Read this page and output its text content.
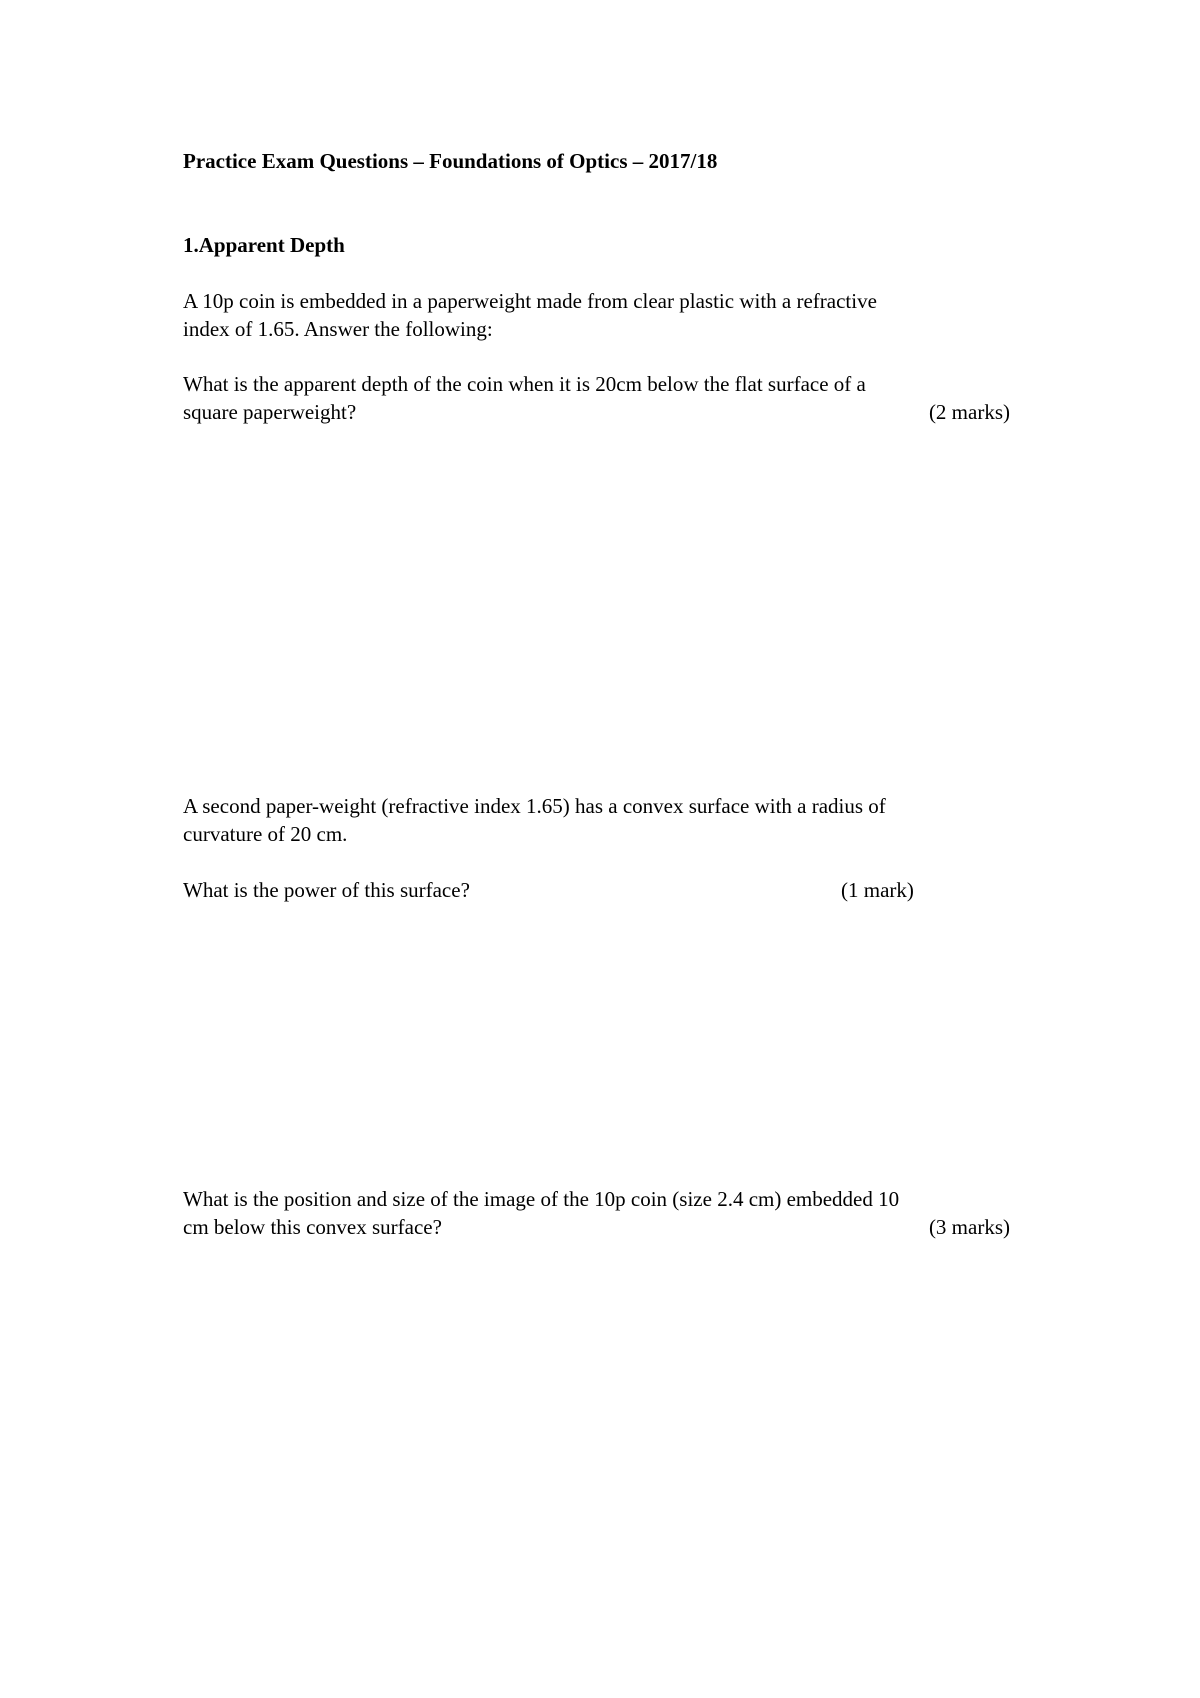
Practice Exam Questions – Foundations of Optics – 2017/18
1.Apparent Depth
A 10p coin is embedded in a paperweight made from clear plastic with a refractive
index of 1.65. Answer the following:
What is the apparent depth of the coin when it is 20cm below the flat surface of a
square paperweight?	(2 marks)
A second paper-weight (refractive index 1.65) has a convex surface with a radius of
curvature of 20 cm.
What is the power of this surface?	(1 mark)
What is the position and size of the image of the 10p coin (size 2.4 cm) embedded 10
cm below this convex surface?	(3 marks)
